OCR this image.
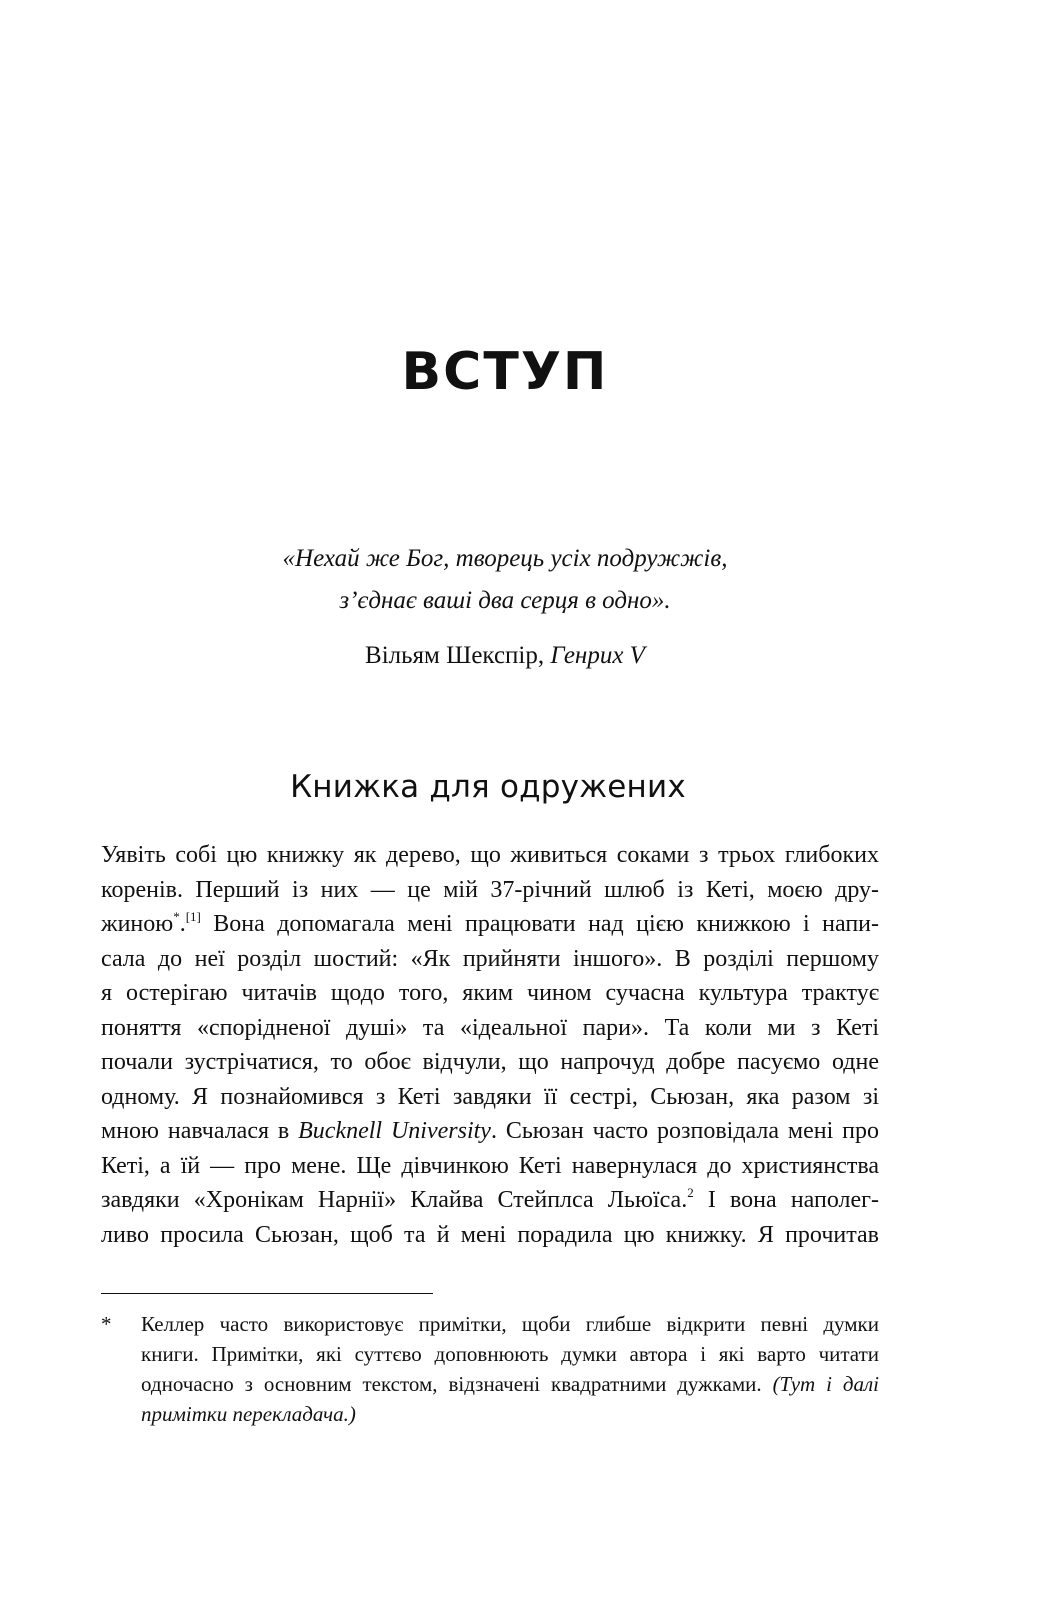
ВСТУП
«Нехай же Бог, творець усіх подружжів,
з’єднає ваші два серця в одно».
Вільям Шекспір, Генрих V
Книжка для одружених
Уявіть собі цю книжку як дерево, що живиться соками з трьох глибоких
коренів. Перший із них — це мій 37-річний шлюб із Кеті, моєю дру-
жиною*.[1] Вона допомагала мені працювати над цією книжкою і напи-
сала до неї розділ шостий: «Як прийняти іншого». В розділі першому
я остерігаю читачів щодо того, яким чином сучасна культура трактує
поняття «спорідненої душі» та «ідеальної пари». Та коли ми з Кеті
почали зустрічатися, то обоє відчули, що напрочуд добре пасуємо одне
одному. Я познайомився з Кеті завдяки її сестрі, Сьюзан, яка разом зі
мною навчалася в Bucknell University. Сьюзан часто розповідала мені про
Кеті, а їй — про мене. Ще дівчинкою Кеті навернулася до християнства
завдяки «Хронікам Нарнії» Клайва Стейплса Льюїса.$^2$ І вона наполег-
ливо просила Сьюзан, щоб та й мені порадила цю книжку. Я прочитав
* Келлер часто використовує примітки, щоби глибше відкрити певні думки
книги. Примітки, які суттєво доповнюють думки автора і які варто читати
одночасно з основним текстом, відзначені квадратними дужками. (Тут і далі
примітки перекладача.)
